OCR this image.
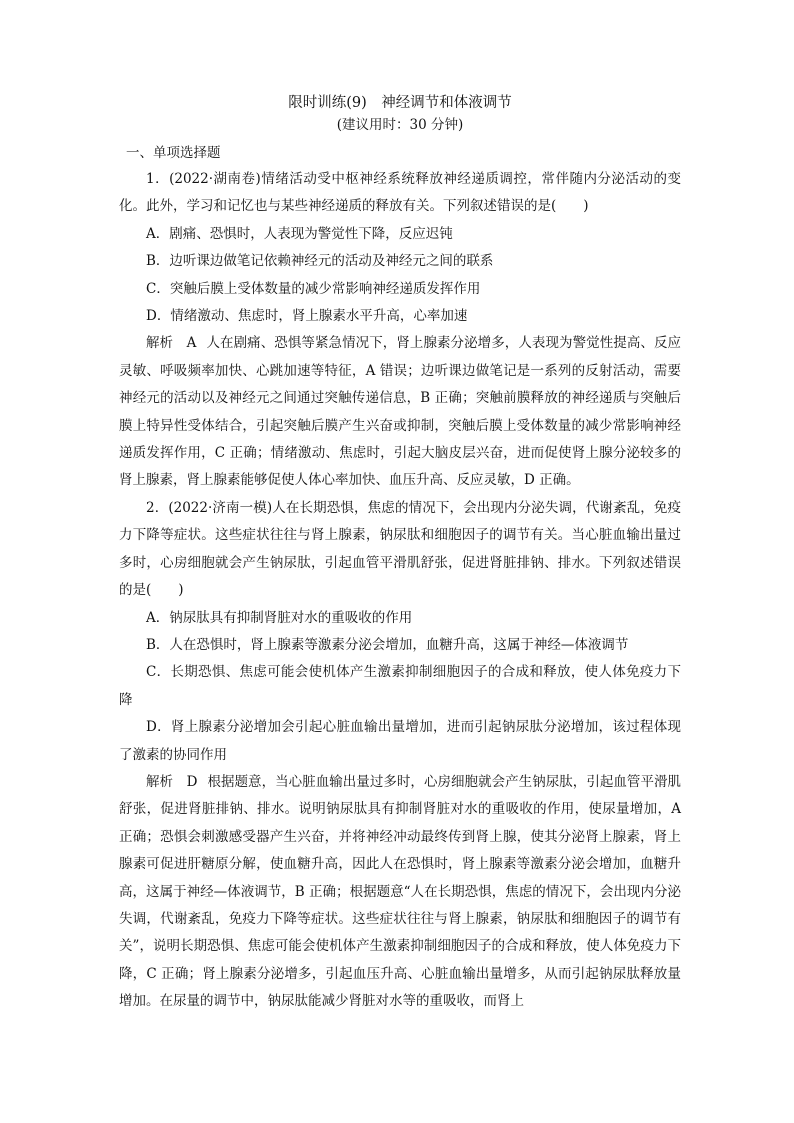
限时训练(9)　神经调节和体液调节
(建议用时：30 分钟)
一、单项选择题

1．(2022·湖南卷)情绪活动受中枢神经系统释放神经递质调控，常伴随内分泌活动的变化。此外，学习和记忆也与某些神经递质的释放有关。下列叙述错误的是(　　)

A．剧痛、恐惧时，人表现为警觉性下降，反应迟钝

B．边听课边做笔记依赖神经元的活动及神经元之间的联系

C．突触后膜上受体数量的减少常影响神经递质发挥作用

D．情绪激动、焦虑时，肾上腺素水平升高，心率加速

解析　A 人在剧痛、恐惧等紧急情况下，肾上腺素分泌增多，人表现为警觉性提高、反应灵敏、呼吸频率加快、心跳加速等特征，A 错误；边听课边做笔记是一系列的反射活动，需要神经元的活动以及神经元之间通过突触传递信息，B 正确；突触前膜释放的神经递质与突触后膜上特异性受体结合，引起突触后膜产生兴奋或抑制，突触后膜上受体数量的减少常影响神经递质发挥作用，C 正确；情绪激动、焦虑时，引起大脑皮层兴奋，进而促使肾上腺分泌较多的肾上腺素，肾上腺素能够促使人体心率加快、血压升高、反应灵敏，D 正确。

2．(2022·济南一模)人在长期恐惧，焦虑的情况下，会出现内分泌失调，代谢紊乱，免疫力下降等症状。这些症状往往与肾上腺素，钠尿肽和细胞因子的调节有关。当心脏血输出量过多时，心房细胞就会产生钠尿肽，引起血管平滑肌舒张，促进肾脏排钠、排水。下列叙述错误的是(　　)

A．钠尿肽具有抑制肾脏对水的重吸收的作用

B．人在恐惧时，肾上腺素等激素分泌会增加，血糖升高，这属于神经—体液调节

C．长期恐惧、焦虑可能会使机体产生激素抑制细胞因子的合成和释放，使人体免疫力下降

D．肾上腺素分泌增加会引起心脏血输出量增加，进而引起钠尿肽分泌增加，该过程体现了激素的协同作用

解析　D 根据题意，当心脏血输出量过多时，心房细胞就会产生钠尿肽，引起血管平滑肌舒张，促进肾脏排钠、排水。说明钠尿肽具有抑制肾脏对水的重吸收的作用，使尿量增加，A 正确；恐惧会刺激感受器产生兴奋，并将神经冲动最终传到肾上腺，使其分泌肾上腺素，肾上腺素可促进肝糖原分解，使血糖升高，因此人在恐惧时，肾上腺素等激素分泌会增加，血糖升高，这属于神经—体液调节，B 正确；根据题意“人在长期恐惧，焦虑的情况下，会出现内分泌失调，代谢紊乱，免疫力下降等症状。这些症状往往与肾上腺素，钠尿肽和细胞因子的调节有关”，说明长期恐惧、焦虑可能会使机体产生激素抑制细胞因子的合成和释放，使人体免疫力下降，C 正确；肾上腺素分泌增多，引起血压升高、心脏血输出量增多，从而引起钠尿肽释放量增加。在尿量的调节中，钠尿肽能减少肾脏对水等的重吸收，而肾上
